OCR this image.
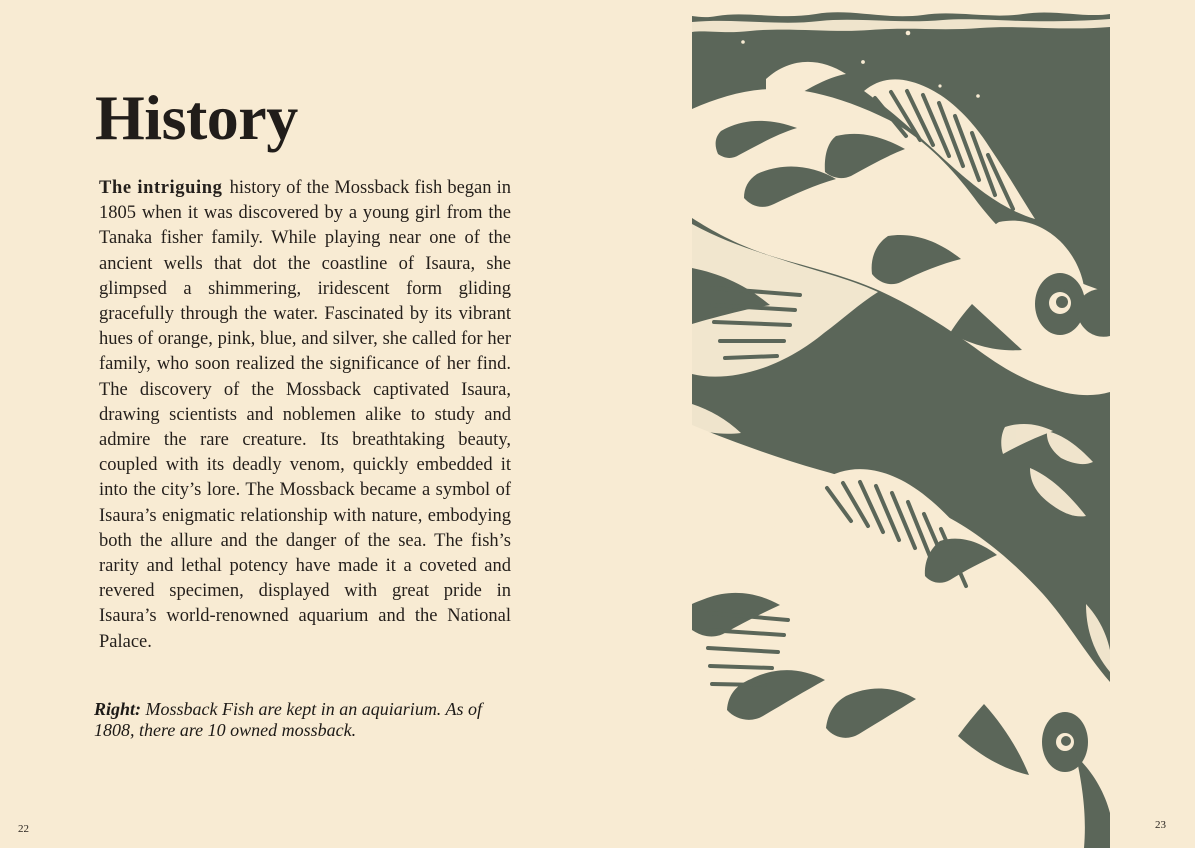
History

The intriguing history of the Mossback fish began in 1805 when it was discovered by a young girl from the Tanaka fisher family. While playing near one of the ancient wells that dot the coastline of Isaura, she glimpsed a shimmering, iridescent form gliding gracefully through the water. Fascinated by its vibrant hues of orange, pink, blue, and silver, she called for her family, who soon realized the significance of her find. The discovery of the Mossback captivated Isaura, drawing scientists and noblemen alike to study and admire the rare creature. Its breathtaking beauty, coupled with its deadly venom, quickly embedded it into the city’s lore. The Mossback became a symbol of Isaura’s enigmatic relationship with nature, embodying both the allure and the danger of the sea. The fish’s rarity and lethal potency have made it a coveted and revered specimen, displayed with great pride in Isaura’s world-renowned aquarium and the National Palace.

Right: Mossback Fish are kept in an aquiarium. As of 1808, there are 10 owned mossback.

22	23
